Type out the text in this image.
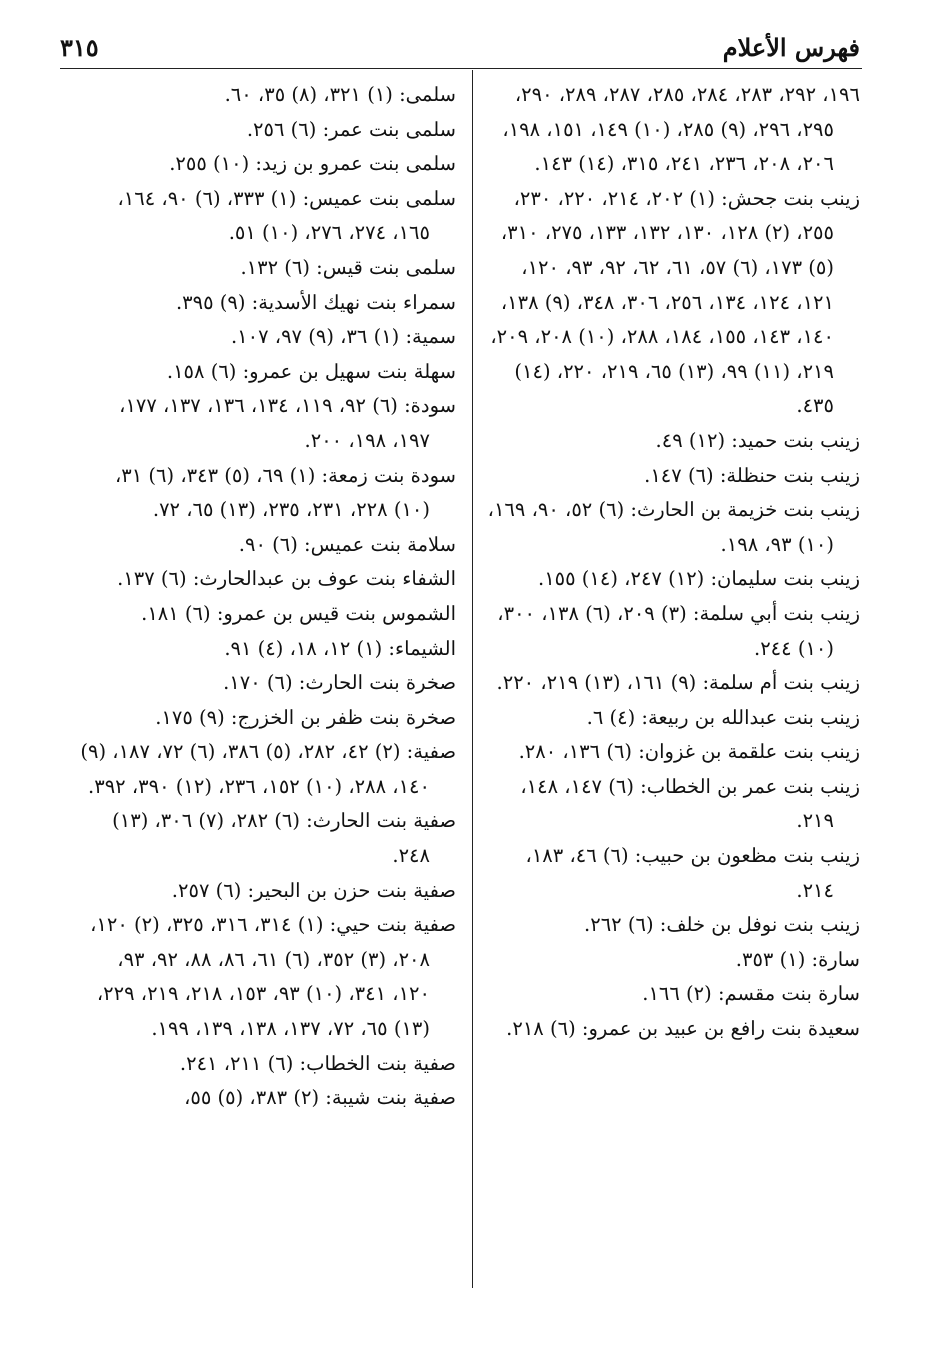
فهرس الأعلام
٣١٥

١٩٦، ٢٩٢، ٢٨٣، ٢٨٤، ٢٨٥، ٢٨٧، ٢٨٩، ٢٩٠، ٢٩٥، ٢٩٦، (٩) ٢٨٥، (١٠) ١٤٩، ١٥١، ١٩٨، ٢٠٦، ٢٠٨، ٢٣٦، ٢٤١، ٣١٥، (١٤) ١٤٣.

زينب بنت جحش: (١) ٢٠٢، ٢١٤، ٢٢٠، ٢٣٠، ٢٥٥، (٢) ١٢٨، ١٣٠، ١٣٢، ١٣٣، ٢٧٥، ٣١٠، (٥) ١٧٣، (٦) ٥٧، ٦١، ٦٢، ٩٢، ٩٣، ١٢٠، ١٢١، ١٢٤، ١٣٤، ٢٥٦، ٣٠٦، ٣٤٨، (٩) ١٣٨، ١٤٠، ١٤٣، ١٥٥، ١٨٤، ٢٨٨، (١٠) ٢٠٨، ٢٠٩، ٢١٩، (١١) ٩٩، (١٣) ٦٥، ٢١٩، ٢٢٠، (١٤) ٤٣٥.

زينب بنت حميد: (١٢) ٤٩.

زينب بنت حنظلة: (٦) ١٤٧.

زينب بنت خزيمة بن الحارث: (٦) ٥٢، ٩٠، ١٦٩، (١٠) ٩٣، ١٩٨.

زينب بنت سليمان: (١٢) ٢٤٧، (١٤) ١٥٥.

زينب بنت أبي سلمة: (٣) ٢٠٩، (٦) ١٣٨، ٣٠٠، (١٠) ٢٤٤.

زينب بنت أم سلمة: (٩) ١٦١، (١٣) ٢١٩، ٢٢٠.

زينب بنت عبدالله بن ربيعة: (٤) ٦.

زينب بنت علقمة بن غزوان: (٦) ١٣٦، ٢٨٠.

زينب بنت عمر بن الخطاب: (٦) ١٤٧، ١٤٨، ٢١٩.

زينب بنت مظعون بن حبيب: (٦) ٤٦، ١٨٣، ٢١٤.

زينب بنت نوفل بن خلف: (٦) ٢٦٢.

سارة: (١) ٣٥٣.

سارة بنت مقسم: (٢) ١٦٦.

سعيدة بنت رافع بن عبيد بن عمرو: (٦) ٢١٨.

سلمى: (١) ٣٢١، (٨) ٣٥، ٦٠.

سلمى بنت عمر: (٦) ٢٥٦.

سلمى بنت عمرو بن زيد: (١٠) ٢٥٥.

سلمى بنت عميس: (١) ٣٣٣، (٦) ٩٠، ١٦٤، ١٦٥، ٢٧٤، ٢٧٦، (١٠) ٥١.

سلمى بنت قيس: (٦) ١٣٢.

سمراء بنت نهيك الأسدية: (٩) ٣٩٥.

سمية: (١) ٣٦، (٩) ٩٧، ١٠٧.

سهلة بنت سهيل بن عمرو: (٦) ١٥٨.

سودة: (٦) ٩٢، ١١٩، ١٣٤، ١٣٦، ١٣٧، ١٧٧، ١٩٧، ١٩٨، ٢٠٠.

سودة بنت زمعة: (١) ٦٩، (٥) ٣٤٣، (٦) ٣١، (١٠) ٢٢٨، ٢٣١، ٢٣٥، (١٣) ٦٥، ٧٢.

سلامة بنت عميس: (٦) ٩٠.

الشفاء بنت عوف بن عبدالحارث: (٦) ١٣٧.

الشموس بنت قيس بن عمرو: (٦) ١٨١.

الشيماء: (١) ١٢، ١٨، (٤) ٩١.

صخرة بنت الحارث: (٦) ١٧٠.

صخرة بنت ظفر بن الخزرج: (٩) ١٧٥.

صفية: (٢) ٤٢، ٢٨٢، (٥) ٣٨٦، (٦) ٧٢، ١٨٧، (٩) ١٤٠، ٢٨٨، (١٠) ١٥٢، ٢٣٦، (١٢) ٣٩٠، ٣٩٢.

صفية بنت الحارث: (٦) ٢٨٢، (٧) ٣٠٦، (١٣) ٢٤٨.

صفية بنت حزن بن البحير: (٦) ٢٥٧.

صفية بنت حيي: (١) ٣١٤، ٣١٦، ٣٢٥، (٢) ١٢٠، ٢٠٨، (٣) ٣٥٢، (٦) ٦١، ٨٦، ٨٨، ٩٢، ٩٣، ١٢٠، ٣٤١، (١٠) ٩٣، ١٥٣، ٢١٨، ٢١٩، ٢٢٩، (١٣) ٦٥، ٧٢، ١٣٧، ١٣٨، ١٣٩، ١٩٩.

صفية بنت الخطاب: (٦) ٢١١، ٢٤١.

صفية بنت شيبة: (٢) ٣٨٣، (٥) ٥٥،
